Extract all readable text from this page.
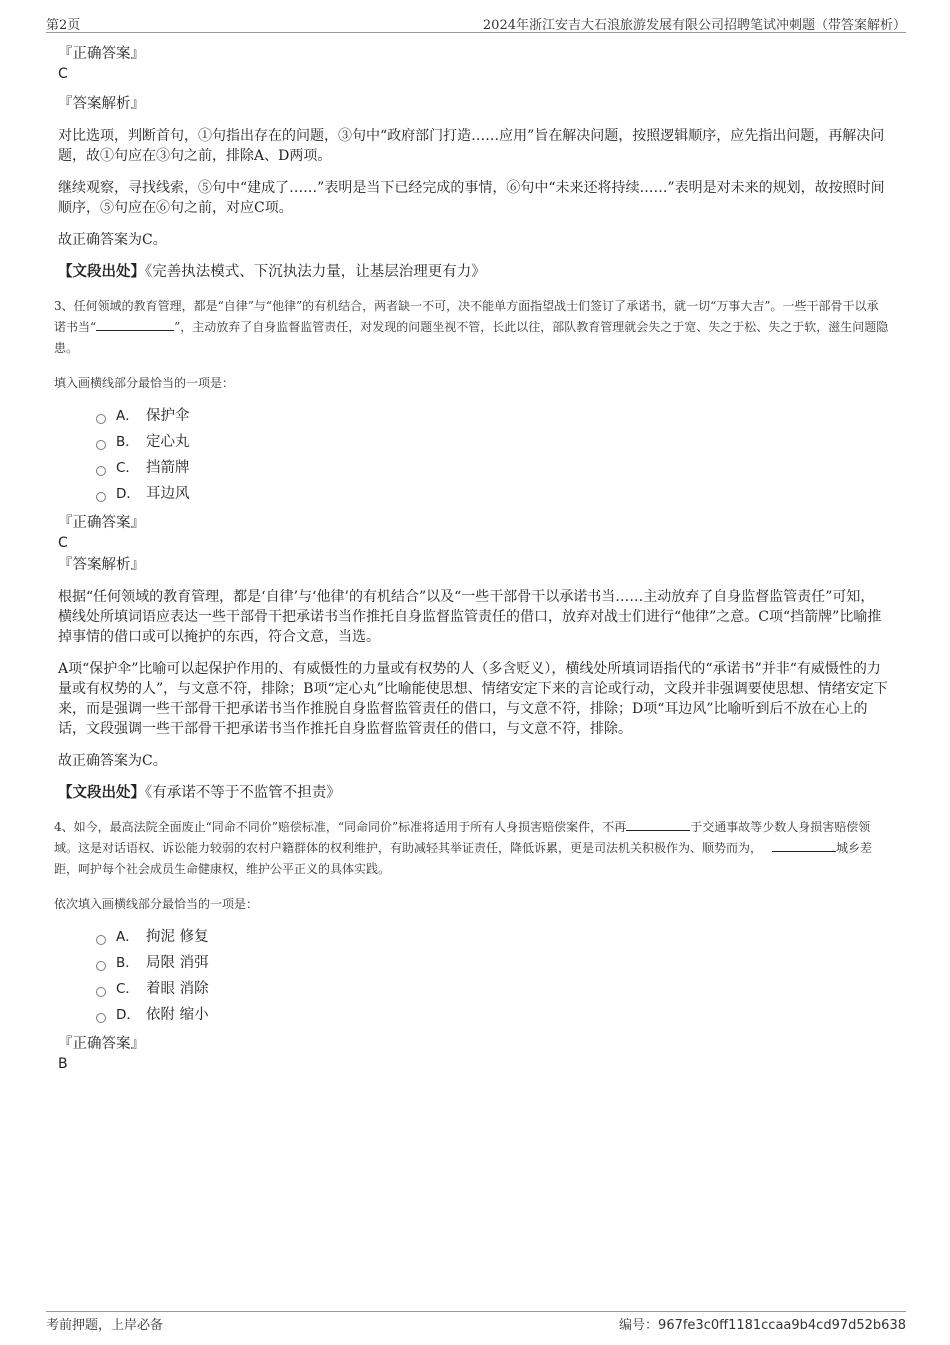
第2页	2024年浙江安吉大石浪旅游发展有限公司招聘笔试冲刺题（带答案解析）

『正确答案』

C

『答案解析』

对比选项，判断首句，①句指出存在的问题，③句中“政府部门打造……应用”旨在解决问题，按照逻辑顺序，应先指出问题，再解决问题，故①句应在③句之前，排除A、D两项。

继续观察，寻找线索，⑤句中“建成了……”表明是当下已经完成的事情，⑥句中“未来还将持续……”表明是对未来的规划，故按照时间顺序，⑤句应在⑥句之前，对应C项。

故正确答案为C。

【文段出处】《完善执法模式、下沉执法力量，让基层治理更有力》

3、任何领域的教育管理，都是“自律”与“他律”的有机结合，两者缺一不可，决不能单方面指望战士们签订了承诺书，就一切“万事大吉”。一些干部骨干以承诺书当“	”，主动放弃了自身监督监管责任，对发现的问题坐视不管，长此以往，部队教育管理就会失之于宽、失之于松、失之于软，滋生问题隐患。

填入画横线部分最恰当的一项是：

A． 保护伞
B． 定心丸
C． 挡箭牌
D． 耳边风

『正确答案』

C

『答案解析』

根据“任何领域的教育管理，都是‘自律’与‘他律’的有机结合”以及“一些干部骨干以承诺书当……主动放弃了自身监督监管责任”可知，横线处所填词语应表达一些干部骨干把承诺书当作推托自身监督监管责任的借口，放弃对战士们进行“他律”之意。C项“挡箭牌”比喻推掉事情的借口或可以掩护的东西，符合文意，当选。

A项“保护伞”比喻可以起保护作用的、有威慑性的力量或有权势的人（多含贬义），横线处所填词语指代的“承诺书”并非“有威慑性的力量或有权势的人”，与文意不符，排除；B项“定心丸”比喻能使思想、情绪安定下来的言论或行动，文段并非强调要使思想、情绪安定下来，而是强调一些干部骨干把承诺书当作推脱自身监督监管责任的借口，与文意不符，排除；D项“耳边风”比喻听到后不放在心上的话，文段强调一些干部骨干把承诺书当作推托自身监督监管责任的借口，与文意不符，排除。

故正确答案为C。

【文段出处】《有承诺不等于不监管不担责》

4、如今，最高法院全面废止“同命不同价”赔偿标准，“同命同价”标准将适用于所有人身损害赔偿案件，不再	于交通事故等少数人身损害赔偿领域。这是对话语权、诉讼能力较弱的农村户籍群体的权利维护，有助减轻其举证责任，降低诉累，更是司法机关积极作为、顺势而为，	城乡差距，呵护每个社会成员生命健康权，维护公平正义的具体实践。

依次填入画横线部分最恰当的一项是：

A． 拘泥 修复
B． 局限 消弭
C． 着眼 消除
D． 依附 缩小

『正确答案』

B

考前押题，上岸必备	编号：967fe3c0ff1181ccaa9b4cd97d52b638
